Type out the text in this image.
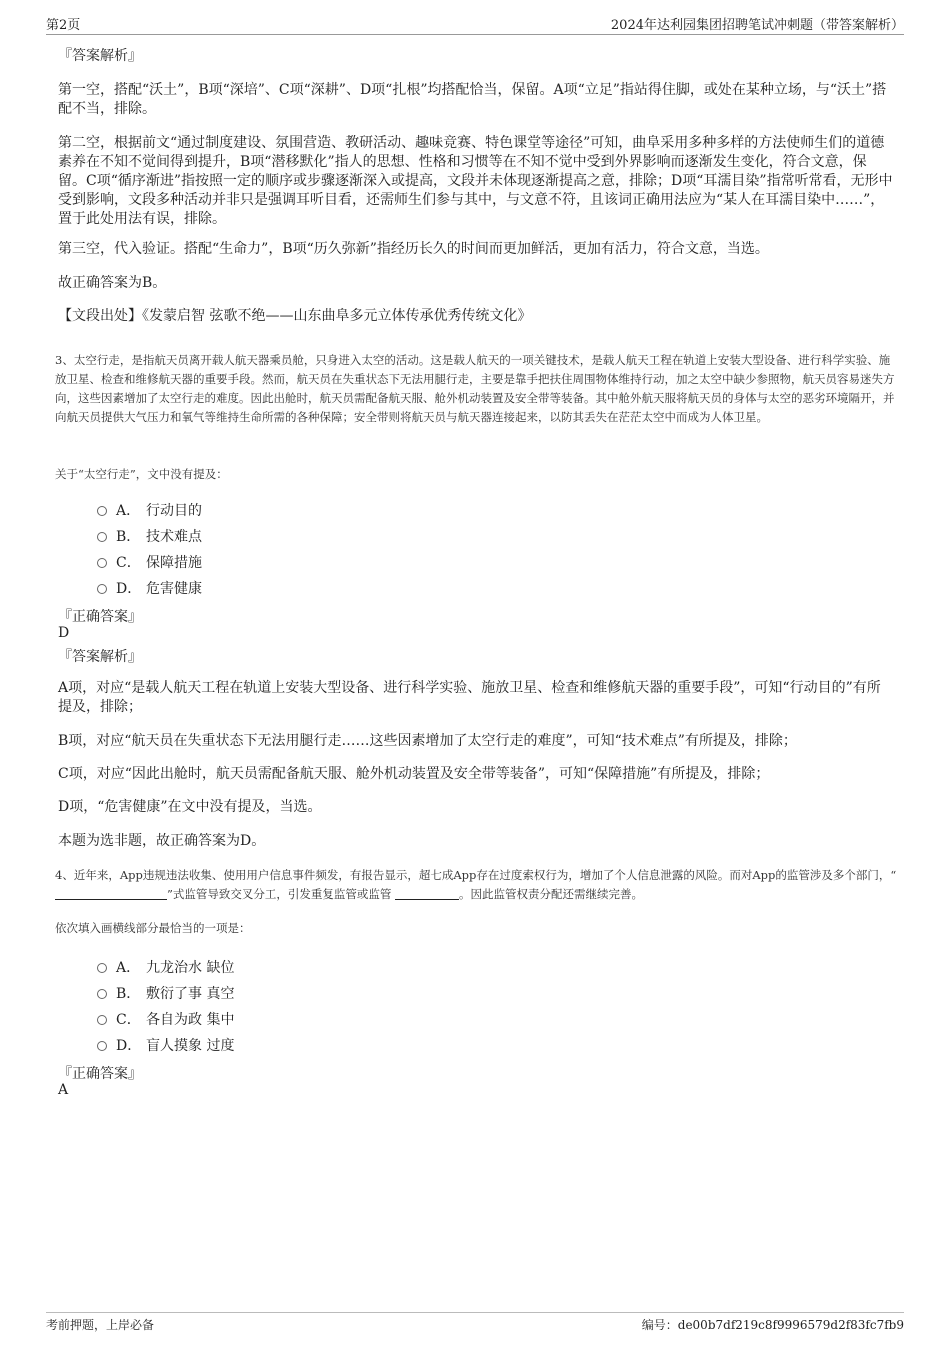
第2页	2024年达利园集团招聘笔试冲刺题（带答案解析）
『答案解析』
第一空，搭配“沃土”，B项“深培”、C项“深耕”、D项“扎根”均搭配恰当，保留。A项“立足”指站得住脚，或处在某种立场，与“沃土”搭配不当，排除。
第二空，根据前文“通过制度建设、氛围营造、教研活动、趣味竞赛、特色课堂等途径”可知，曲阜采用多种多样的方法使师生们的道德素养在不知不觉间得到提升，B项“潜移默化”指人的思想、性格和习惯等在不知不觉中受到外界影响而逐渐发生变化，符合文意，保留。C项“循序渐进”指按照一定的顺序或步骤逐渐深入或提高，文段并未体现逐渐提高之意，排除；D项“耳濡目染”指常听常看，无形中受到影响，文段多种活动并非只是强调耳听目看，还需师生们参与其中，与文意不符，且该词正确用法应为“某人在耳濡目染中……”，置于此处用法有误，排除。
第三空，代入验证。搭配“生命力”，B项“历久弥新”指经历长久的时间而更加鲜活，更加有活力，符合文意，当选。
故正确答案为B。
【文段出处】《发蒙启智 弦歌不绝——山东曲阜多元立体传承优秀传统文化》
3、太空行走，是指航天员离开载人航天器乘员舱，只身进入太空的活动。这是载人航天的一项关键技术，是载人航天工程在轨道上安装大型设备、进行科学实验、施放卫星、检查和维修航天器的重要手段。然而，航天员在失重状态下无法用腿行走，主要是靠手把扶住周围物体维持行动，加之太空中缺少参照物，航天员容易迷失方向，这些因素增加了太空行走的难度。因此出舱时，航天员需配备航天服、舱外机动装置及安全带等装备。其中舱外航天服将航天员的身体与太空的恶劣环境隔开，并向航天员提供大气压力和氧气等维持生命所需的各种保障；安全带则将航天员与航天器连接起来，以防其丢失在茫茫太空中而成为人体卫星。
关于“太空行走”，文中没有提及：
A． 行动目的
B． 技术难点
C． 保障措施
D． 危害健康
『正确答案』
D
『答案解析』
A项，对应“是载人航天工程在轨道上安装大型设备、进行科学实验、施放卫星、检查和维修航天器的重要手段”，可知“行动目的”有所提及，排除；
B项，对应“航天员在失重状态下无法用腿行走……这些因素增加了太空行走的难度”，可知“技术难点”有所提及，排除；
C项，对应“因此出舱时，航天员需配备航天服、舱外机动装置及安全带等装备”，可知“保障措施”有所提及，排除；
D项，“危害健康”在文中没有提及，当选。
本题为选非题，故正确答案为D。
4、近年来，App违规违法收集、使用用户信息事件频发，有报告显示，超七成App存在过度索权行为，增加了个人信息泄露的风险。而对App的监管涉及多个部门，“”式监管导致交叉分工，引发重复监管或监管	。因此监管权责分配还需继续完善。
依次填入画横线部分最恰当的一项是：
A． 九龙治水 缺位
B． 敷衍了事 真空
C． 各自为政 集中
D． 盲人摸象 过度
『正确答案』
A
考前押题，上岸必备	编号：de00b7df219c8f9996579d2f83fc7fb9
